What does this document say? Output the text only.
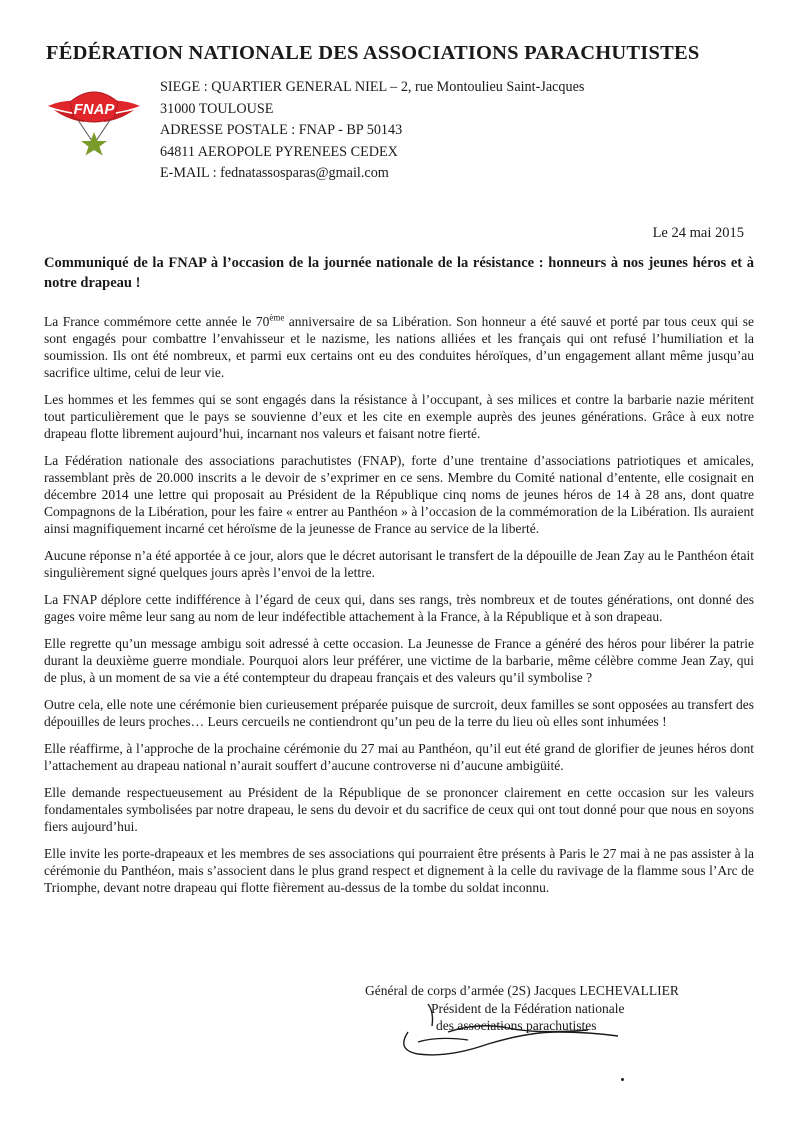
FÉDÉRATION NATIONALE DES ASSOCIATIONS PARACHUTISTES
FNAP
SIEGE : QUARTIER GENERAL NIEL – 2, rue Montoulieu Saint-Jacques
31000 TOULOUSE
ADRESSE POSTALE : FNAP - BP 50143
64811 AEROPOLE PYRENEES CEDEX
E-MAIL : fednatassosparas@gmail.com
Le 24 mai 2015
Communiqué de la FNAP à l’occasion de la journée nationale de la résistance : honneurs à nos jeunes héros et à notre drapeau !

La France commémore cette année le 70ème anniversaire de sa Libération. Son honneur a été sauvé et porté par tous ceux qui se sont engagés pour combattre l’envahisseur et le nazisme, les nations alliées et les français qui ont refusé l’humiliation et la soumission. Ils ont été nombreux, et parmi eux certains ont eu des conduites héroïques, d’un engagement allant même jusqu’au sacrifice ultime, celui de leur vie.

Les hommes et les femmes qui se sont engagés dans la résistance à l’occupant, à ses milices et contre la barbarie nazie méritent tout particulièrement que le pays se souvienne d’eux et les cite en exemple auprès des jeunes générations. Grâce à eux notre drapeau flotte librement aujourd’hui, incarnant nos valeurs et faisant notre fierté.

La Fédération nationale des associations parachutistes (FNAP), forte d’une trentaine d’associations patriotiques et amicales, rassemblant près de 20.000 inscrits a le devoir de s’exprimer en ce sens. Membre du Comité national d’entente, elle cosignait en décembre 2014 une lettre qui proposait au Président de la République cinq noms de jeunes héros de 14 à 28 ans, dont quatre Compagnons de la Libération, pour les faire « entrer au Panthéon » à l’occasion de la commémoration de la Libération. Ils auraient ainsi magnifiquement incarné cet héroïsme de la jeunesse de France au service de la liberté.

Aucune réponse n’a été apportée à ce jour, alors que le décret autorisant le transfert de la dépouille de Jean Zay au le Panthéon était singulièrement signé quelques jours après l’envoi de la lettre.

La FNAP déplore cette indifférence à l’égard de ceux qui, dans ses rangs, très nombreux et de toutes générations, ont donné des gages voire même leur sang au nom de leur indéfectible attachement à la France, à la République et à son drapeau.

Elle regrette qu’un message ambigu soit adressé à cette occasion. La Jeunesse de France a généré des héros pour libérer la patrie durant la deuxième guerre mondiale. Pourquoi alors leur préférer, une victime de la barbarie, même célèbre comme Jean Zay, qui de plus, à un moment de sa vie a été contempteur du drapeau français et des valeurs qu’il symbolise ?

Outre cela, elle note une cérémonie bien curieusement préparée puisque de surcroit, deux familles se sont opposées au transfert des dépouilles de leurs proches… Leurs cercueils ne contiendront qu’un peu de la terre du lieu où elles sont inhumées !

Elle réaffirme, à l’approche de la prochaine cérémonie du 27 mai au Panthéon, qu’il eut été grand de glorifier de jeunes héros dont l’attachement au drapeau national n’aurait souffert d’aucune controverse ni d’aucune ambigüité.

Elle demande respectueusement au Président de la République de se prononcer clairement en cette occasion sur les valeurs fondamentales symbolisées par notre drapeau, le sens du devoir et du sacrifice de ceux qui ont tout donné pour que nous en soyons fiers aujourd’hui.

Elle invite les porte-drapeaux et les membres de ses associations qui pourraient être présents à Paris le 27 mai à ne pas assister à la cérémonie du Panthéon, mais s’associent dans le plus grand respect et dignement à la celle du ravivage de la flamme sous l’Arc de Triomphe, devant notre drapeau qui flotte fièrement au-dessus de la tombe du soldat inconnu.

Général de corps d’armée (2S) Jacques LECHEVALLIER
Président de la Fédération nationale
des associations parachutistes
